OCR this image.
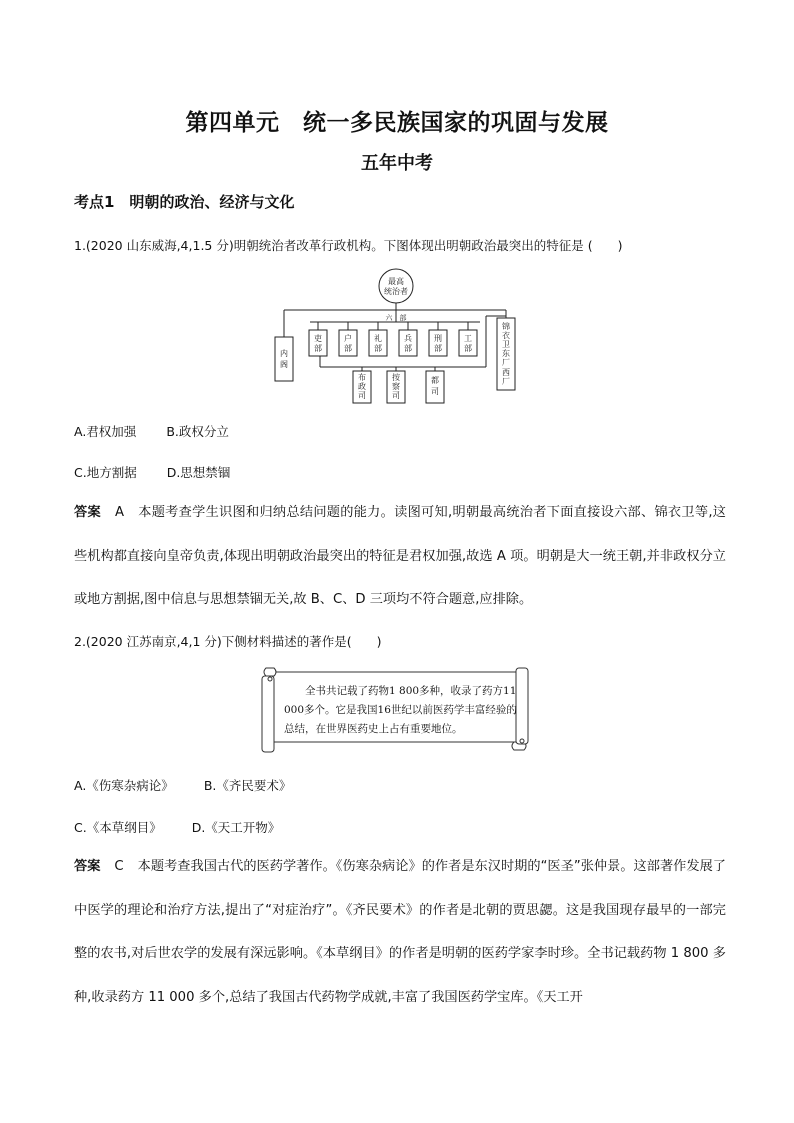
第四单元　统一多民族国家的巩固与发展
五年中考
考点1　明朝的政治、经济与文化
1.(2020 山东威海,4,1.5 分)明朝统治者改革行政机构。下图体现出明朝政治最突出的特征是 (　　)
最高
统治者
六　部
吏
部
户
部
礼
部
兵
部
刑
部
工
部
内
阁
锦
衣
卫
东
厂
西
厂
布
政
司
按
察
司
都
司
A.君权加强 B.政权分立
C.地方割据 D.思想禁锢
答案 A 本题考查学生识图和归纳总结问题的能力。读图可知,明朝最高统治者下面直接设六部、锦衣卫等,这些机构都直接向皇帝负责,体现出明朝政治最突出的特征是君权加强,故选 A 项。明朝是大一统王朝,并非政权分立或地方割据,图中信息与思想禁锢无关,故 B、C、D 三项均不符合题意,应排除。
2.(2020 江苏南京,4,1 分)下侧材料描述的著作是(　　)
全书共记载了药物1 800多种，收录了药方11 000多个。它是我国16世纪以前医药学丰富经验的总结，在世界医药史上占有重要地位。
A.《伤寒杂病论》 B.《齐民要术》
C.《本草纲目》 D.《天工开物》
答案 C 本题考查我国古代的医药学著作。《伤寒杂病论》的作者是东汉时期的“医圣”张仲景。这部著作发展了中医学的理论和治疗方法,提出了“对症治疗”。《齐民要术》的作者是北朝的贾思勰。这是我国现存最早的一部完整的农书,对后世农学的发展有深远影响。《本草纲目》的作者是明朝的医药学家李时珍。全书记载药物 1 800 多种,收录药方 11 000 多个,总结了我国古代药物学成就,丰富了我国医药学宝库。《天工开
